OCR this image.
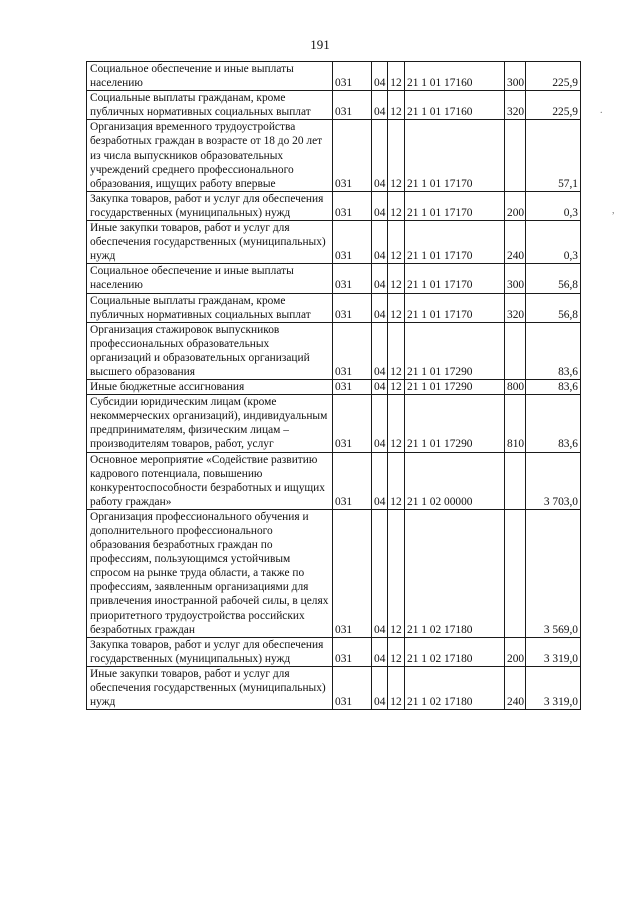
191
Социальное обеспечение и иные выплаты населению	031	04	12	21 1 01 17160	300	225,9
Социальные выплаты гражданам, кроме публичных нормативных социальных выплат	031	04	12	21 1 01 17160	320	225,9
Организация временного трудоустройства безработных граждан в возрасте от 18 до 20 лет из числа выпускников образовательных учреждений среднего профессионального образования, ищущих работу впервые	031	04	12	21 1 01 17170		57,1
Закупка товаров, работ и услуг для обеспечения государственных (муниципальных) нужд	031	04	12	21 1 01 17170	200	0,3
Иные закупки товаров, работ и услуг для обеспечения государственных (муниципальных) нужд	031	04	12	21 1 01 17170	240	0,3
Социальное обеспечение и иные выплаты населению	031	04	12	21 1 01 17170	300	56,8
Социальные выплаты гражданам, кроме публичных нормативных социальных выплат	031	04	12	21 1 01 17170	320	56,8
Организация стажировок выпускников профессиональных образовательных организаций и образовательных организаций высшего образования	031	04	12	21 1 01 17290		83,6
Иные бюджетные ассигнования	031	04	12	21 1 01 17290	800	83,6
Субсидии юридическим лицам (кроме некоммерческих организаций), индивидуальным предпринимателям, физическим лицам – производителям товаров, работ, услуг	031	04	12	21 1 01 17290	810	83,6
Основное мероприятие «Содействие развитию кадрового потенциала, повышению конкурентоспособности безработных и ищущих работу граждан»	031	04	12	21 1 02 00000		3 703,0
Организация профессионального обучения и дополнительного профессионального образования безработных граждан по профессиям, пользующимся устойчивым спросом на рынке труда области, а также по профессиям, заявленным организациями для привлечения иностранной рабочей силы, в целях приоритетного трудоустройства российских безработных граждан	031	04	12	21 1 02 17180		3 569,0
Закупка товаров, работ и услуг для обеспечения государственных (муниципальных) нужд	031	04	12	21 1 02 17180	200	3 319,0
Иные закупки товаров, работ и услуг для обеспечения государственных (муниципальных) нужд	031	04	12	21 1 02 17180	240	3 319,0
.
,
